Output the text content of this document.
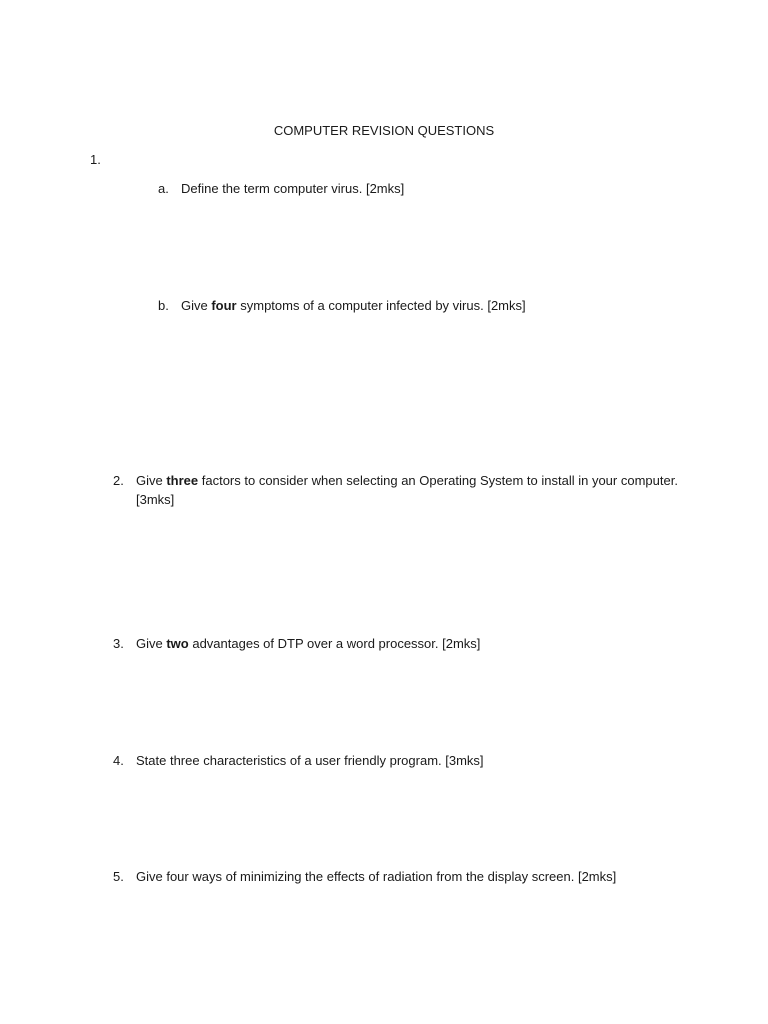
COMPUTER REVISION QUESTIONS
1.
a. Define the term computer virus. [2mks]
b. Give four symptoms of a computer infected by virus. [2mks]
2. Give three factors to consider when selecting an Operating System to install in your computer.
[3mks]
3. Give two advantages of DTP over a word processor. [2mks]
4. State three characteristics of a user friendly program. [3mks]
5. Give four ways of minimizing the effects of radiation from the display screen. [2mks]
